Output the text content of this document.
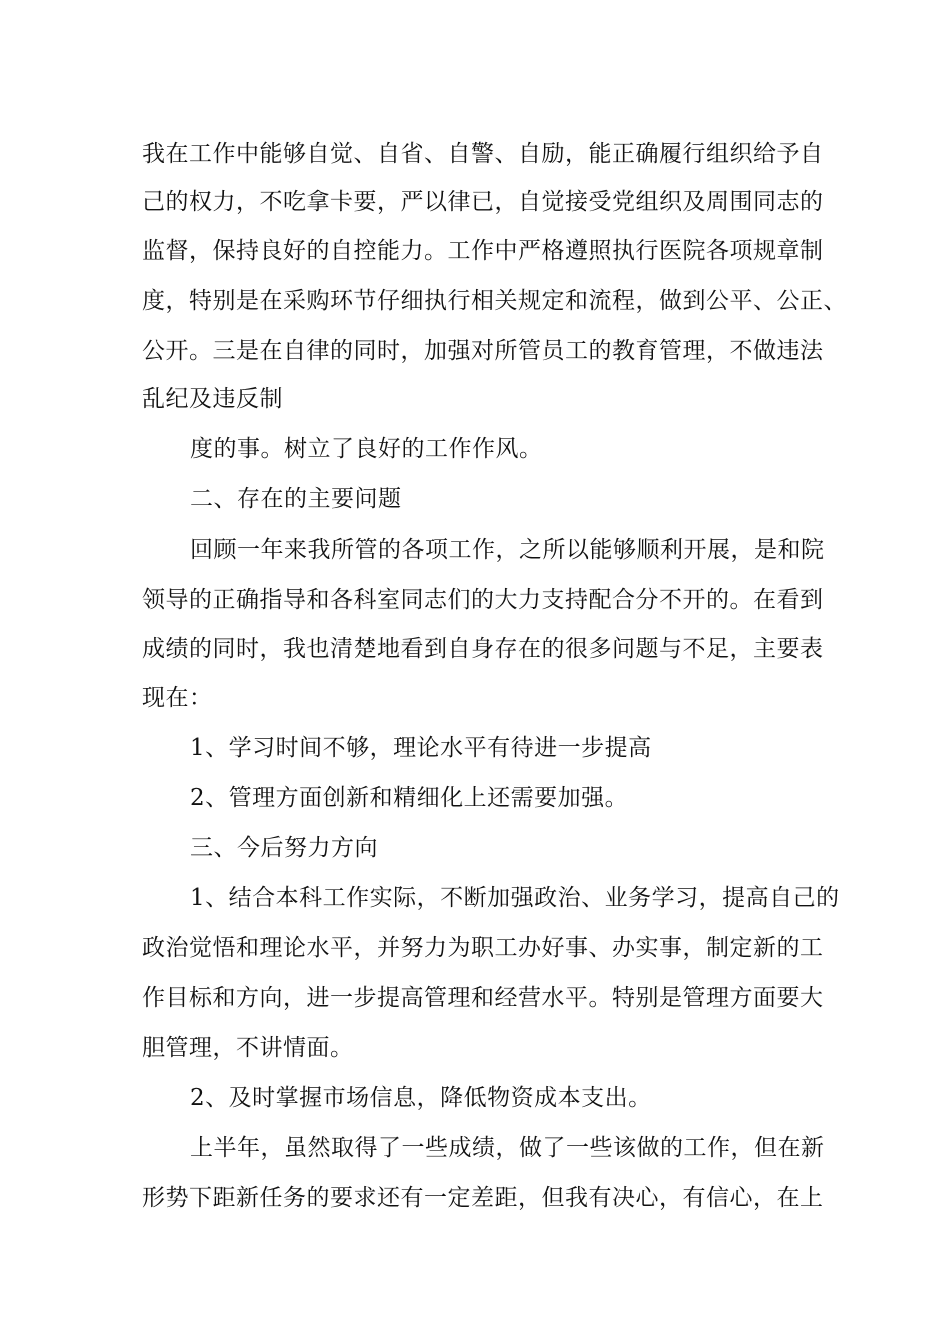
我在工作中能够自觉、自省、自警、自励，能正确履行组织给予自
己的权力，不吃拿卡要，严以律已，自觉接受党组织及周围同志的
监督，保持良好的自控能力。工作中严格遵照执行医院各项规章制
度，特别是在采购环节仔细执行相关规定和流程，做到公平、公正、
公开。三是在自律的同时，加强对所管员工的教育管理，不做违法
乱纪及违反制
度的事。树立了良好的工作作风。
二、存在的主要问题
回顾一年来我所管的各项工作，之所以能够顺利开展，是和院
领导的正确指导和各科室同志们的大力支持配合分不开的。在看到
成绩的同时，我也清楚地看到自身存在的很多问题与不足，主要表
现在：
1、学习时间不够，理论水平有待进一步提高
2、管理方面创新和精细化上还需要加强。
三、今后努力方向
1、结合本科工作实际，不断加强政治、业务学习，提高自己的
政治觉悟和理论水平，并努力为职工办好事、办实事，制定新的工
作目标和方向，进一步提高管理和经营水平。特别是管理方面要大
胆管理，不讲情面。
2、及时掌握市场信息，降低物资成本支出。
上半年，虽然取得了一些成绩，做了一些该做的工作，但在新
形势下距新任务的要求还有一定差距，但我有决心，有信心，在上
